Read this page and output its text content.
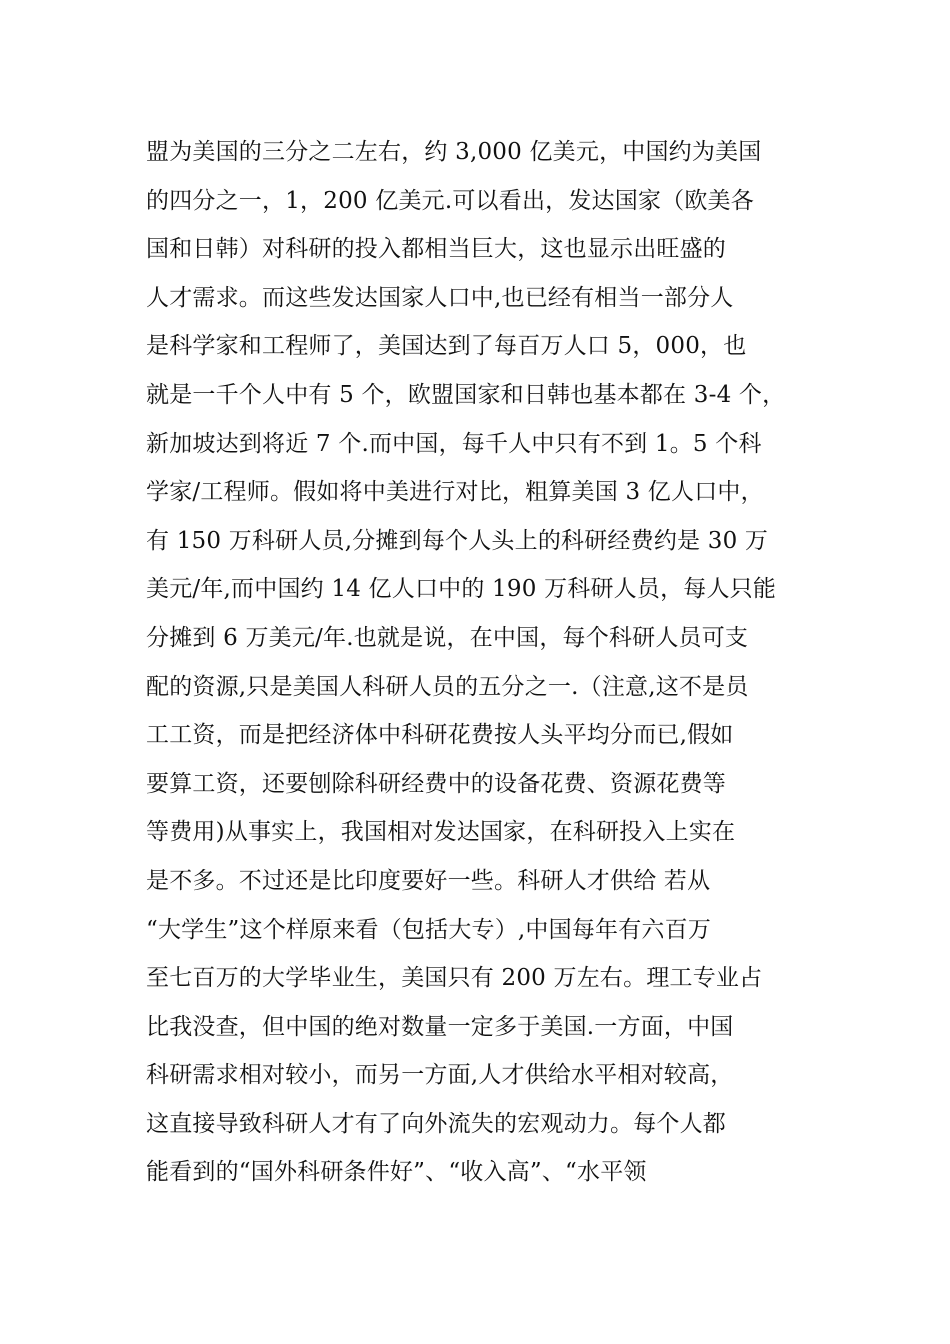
盟为美国的三分之二左右，约 3,000 亿美元，中国约为美国
的四分之一，1，200 亿美元.可以看出，发达国家（欧美各
国和日韩）对科研的投入都相当巨大，这也显示出旺盛的
人才需求。而这些发达国家人口中,也已经有相当一部分人
是科学家和工程师了，美国达到了每百万人口 5，000，也
就是一千个人中有 5 个，欧盟国家和日韩也基本都在 3-4 个，
新加坡达到将近 7 个.而中国，每千人中只有不到 1。5 个科
学家/工程师。假如将中美进行对比，粗算美国 3 亿人口中，
有 150 万科研人员,分摊到每个人头上的科研经费约是 30 万
美元/年,而中国约 14 亿人口中的 190 万科研人员，每人只能
分摊到 6 万美元/年.也就是说，在中国，每个科研人员可支
配的资源,只是美国人科研人员的五分之一.（注意,这不是员
工工资，而是把经济体中科研花费按人头平均分而已,假如
要算工资，还要刨除科研经费中的设备花费、资源花费等
等费用)从事实上，我国相对发达国家，在科研投入上实在
是不多。不过还是比印度要好一些。科研人才供给 若从
“大学生”这个样原来看（包括大专）,中国每年有六百万
至七百万的大学毕业生，美国只有 200 万左右。理工专业占
比我没查，但中国的绝对数量一定多于美国.一方面，中国
科研需求相对较小，而另一方面,人才供给水平相对较高，
这直接导致科研人才有了向外流失的宏观动力。每个人都
能看到的“国外科研条件好”、“收入高”、“水平领
